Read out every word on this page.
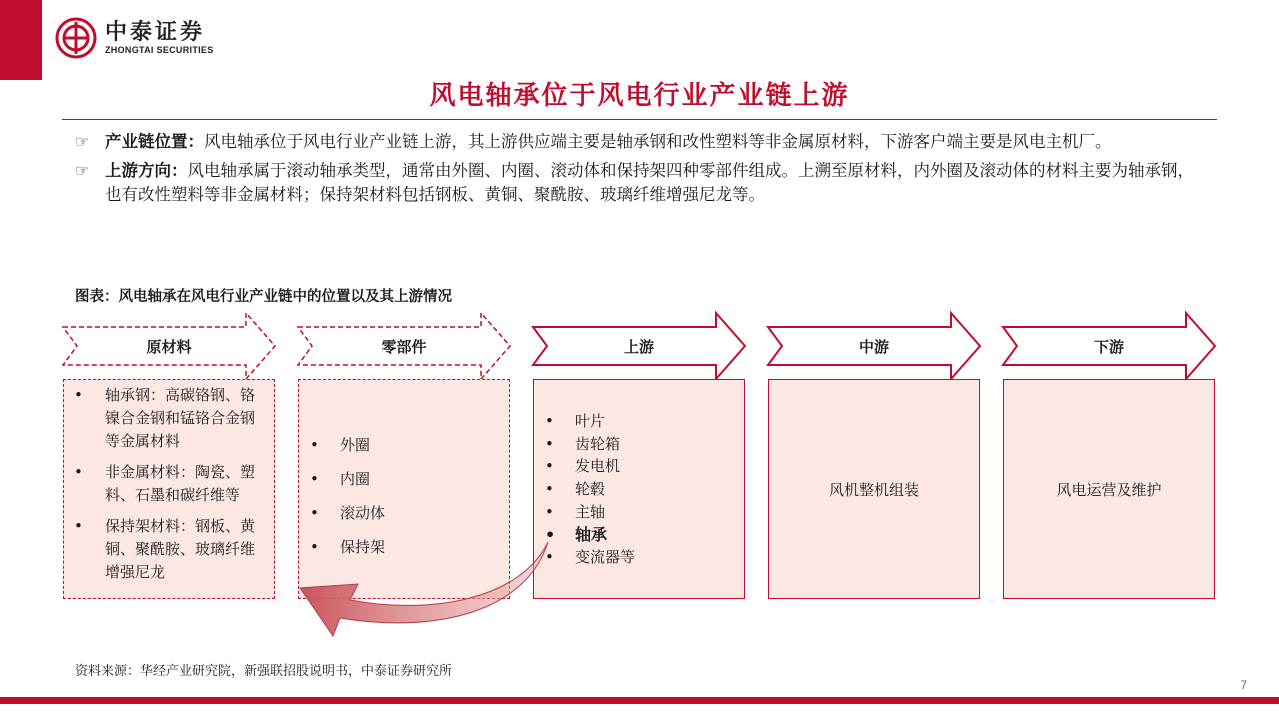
中泰证券
ZHONGTAI SECURITIES
风电轴承位于风电行业产业链上游
☞ 产业链位置：风电轴承位于风电行业产业链上游，其上游供应端主要是轴承钢和改性塑料等非金属原材料，下游客户端主要是风电主机厂。
☞ 上游方向：风电轴承属于滚动轴承类型，通常由外圈、内圈、滚动体和保持架四种零部件组成。上溯至原材料，内外圈及滚动体的材料主要为轴承钢，也有改性塑料等非金属材料；保持架材料包括钢板、黄铜、聚酰胺、玻璃纤维增强尼龙等。
图表：风电轴承在风电行业产业链中的位置以及其上游情况
原材料	零部件	上游	中游	下游
• 轴承钢：高碳铬钢、铬镍合金钢和锰铬合金钢等金属材料
• 非金属材料：陶瓷、塑料、石墨和碳纤维等
• 保持架材料：钢板、黄铜、聚酰胺、玻璃纤维增强尼龙
• 外圈
• 内圈
• 滚动体
• 保持架
• 叶片
• 齿轮箱
• 发电机
• 轮毂
• 主轴
• 轴承
• 变流器等
风机整机组装	风电运营及维护
资料来源：华经产业研究院，新强联招股说明书，中泰证券研究所
7
